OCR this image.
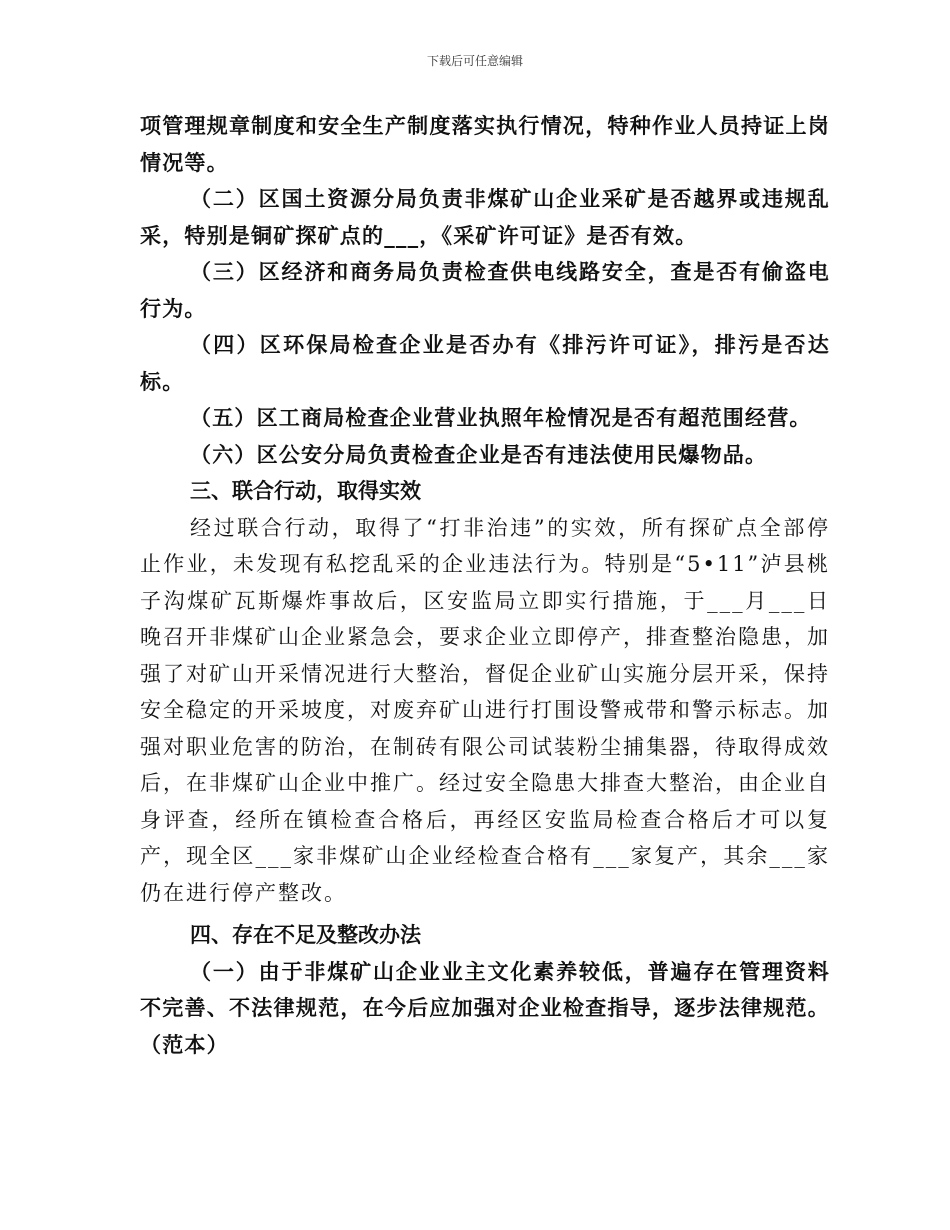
下载后可任意编辑

项管理规章制度和安全生产制度落实执行情况，特种作业人员持证上岗情况等。

（二）区国土资源分局负责非煤矿山企业采矿是否越界或违规乱采，特别是铜矿探矿点的___，《采矿许可证》是否有效。

（三）区经济和商务局负责检查供电线路安全，查是否有偷盗电行为。

（四）区环保局检查企业是否办有《排污许可证》，排污是否达标。

（五）区工商局检查企业营业执照年检情况是否有超范围经营。

（六）区公安分局负责检查企业是否有违法使用民爆物品。

三、联合行动，取得实效

经过联合行动，取得了“打非治违”的实效，所有探矿点全部停止作业，未发现有私挖乱采的企业违法行为。特别是“5•11”泸县桃子沟煤矿瓦斯爆炸事故后，区安监局立即实行措施，于___月___日晚召开非煤矿山企业紧急会，要求企业立即停产，排查整治隐患，加强了对矿山开采情况进行大整治，督促企业矿山实施分层开采，保持安全稳定的开采坡度，对废弃矿山进行打围设警戒带和警示标志。加强对职业危害的防治，在制砖有限公司试装粉尘捕集器，待取得成效后，在非煤矿山企业中推广。经过安全隐患大排查大整治，由企业自身评查，经所在镇检查合格后，再经区安监局检查合格后才可以复产，现全区___家非煤矿山企业经检查合格有___家复产，其余___家仍在进行停产整改。

四、存在不足及整改办法

（一）由于非煤矿山企业业主文化素养较低，普遍存在管理资料不完善、不法律规范，在今后应加强对企业检查指导，逐步法律规范。（范本）
